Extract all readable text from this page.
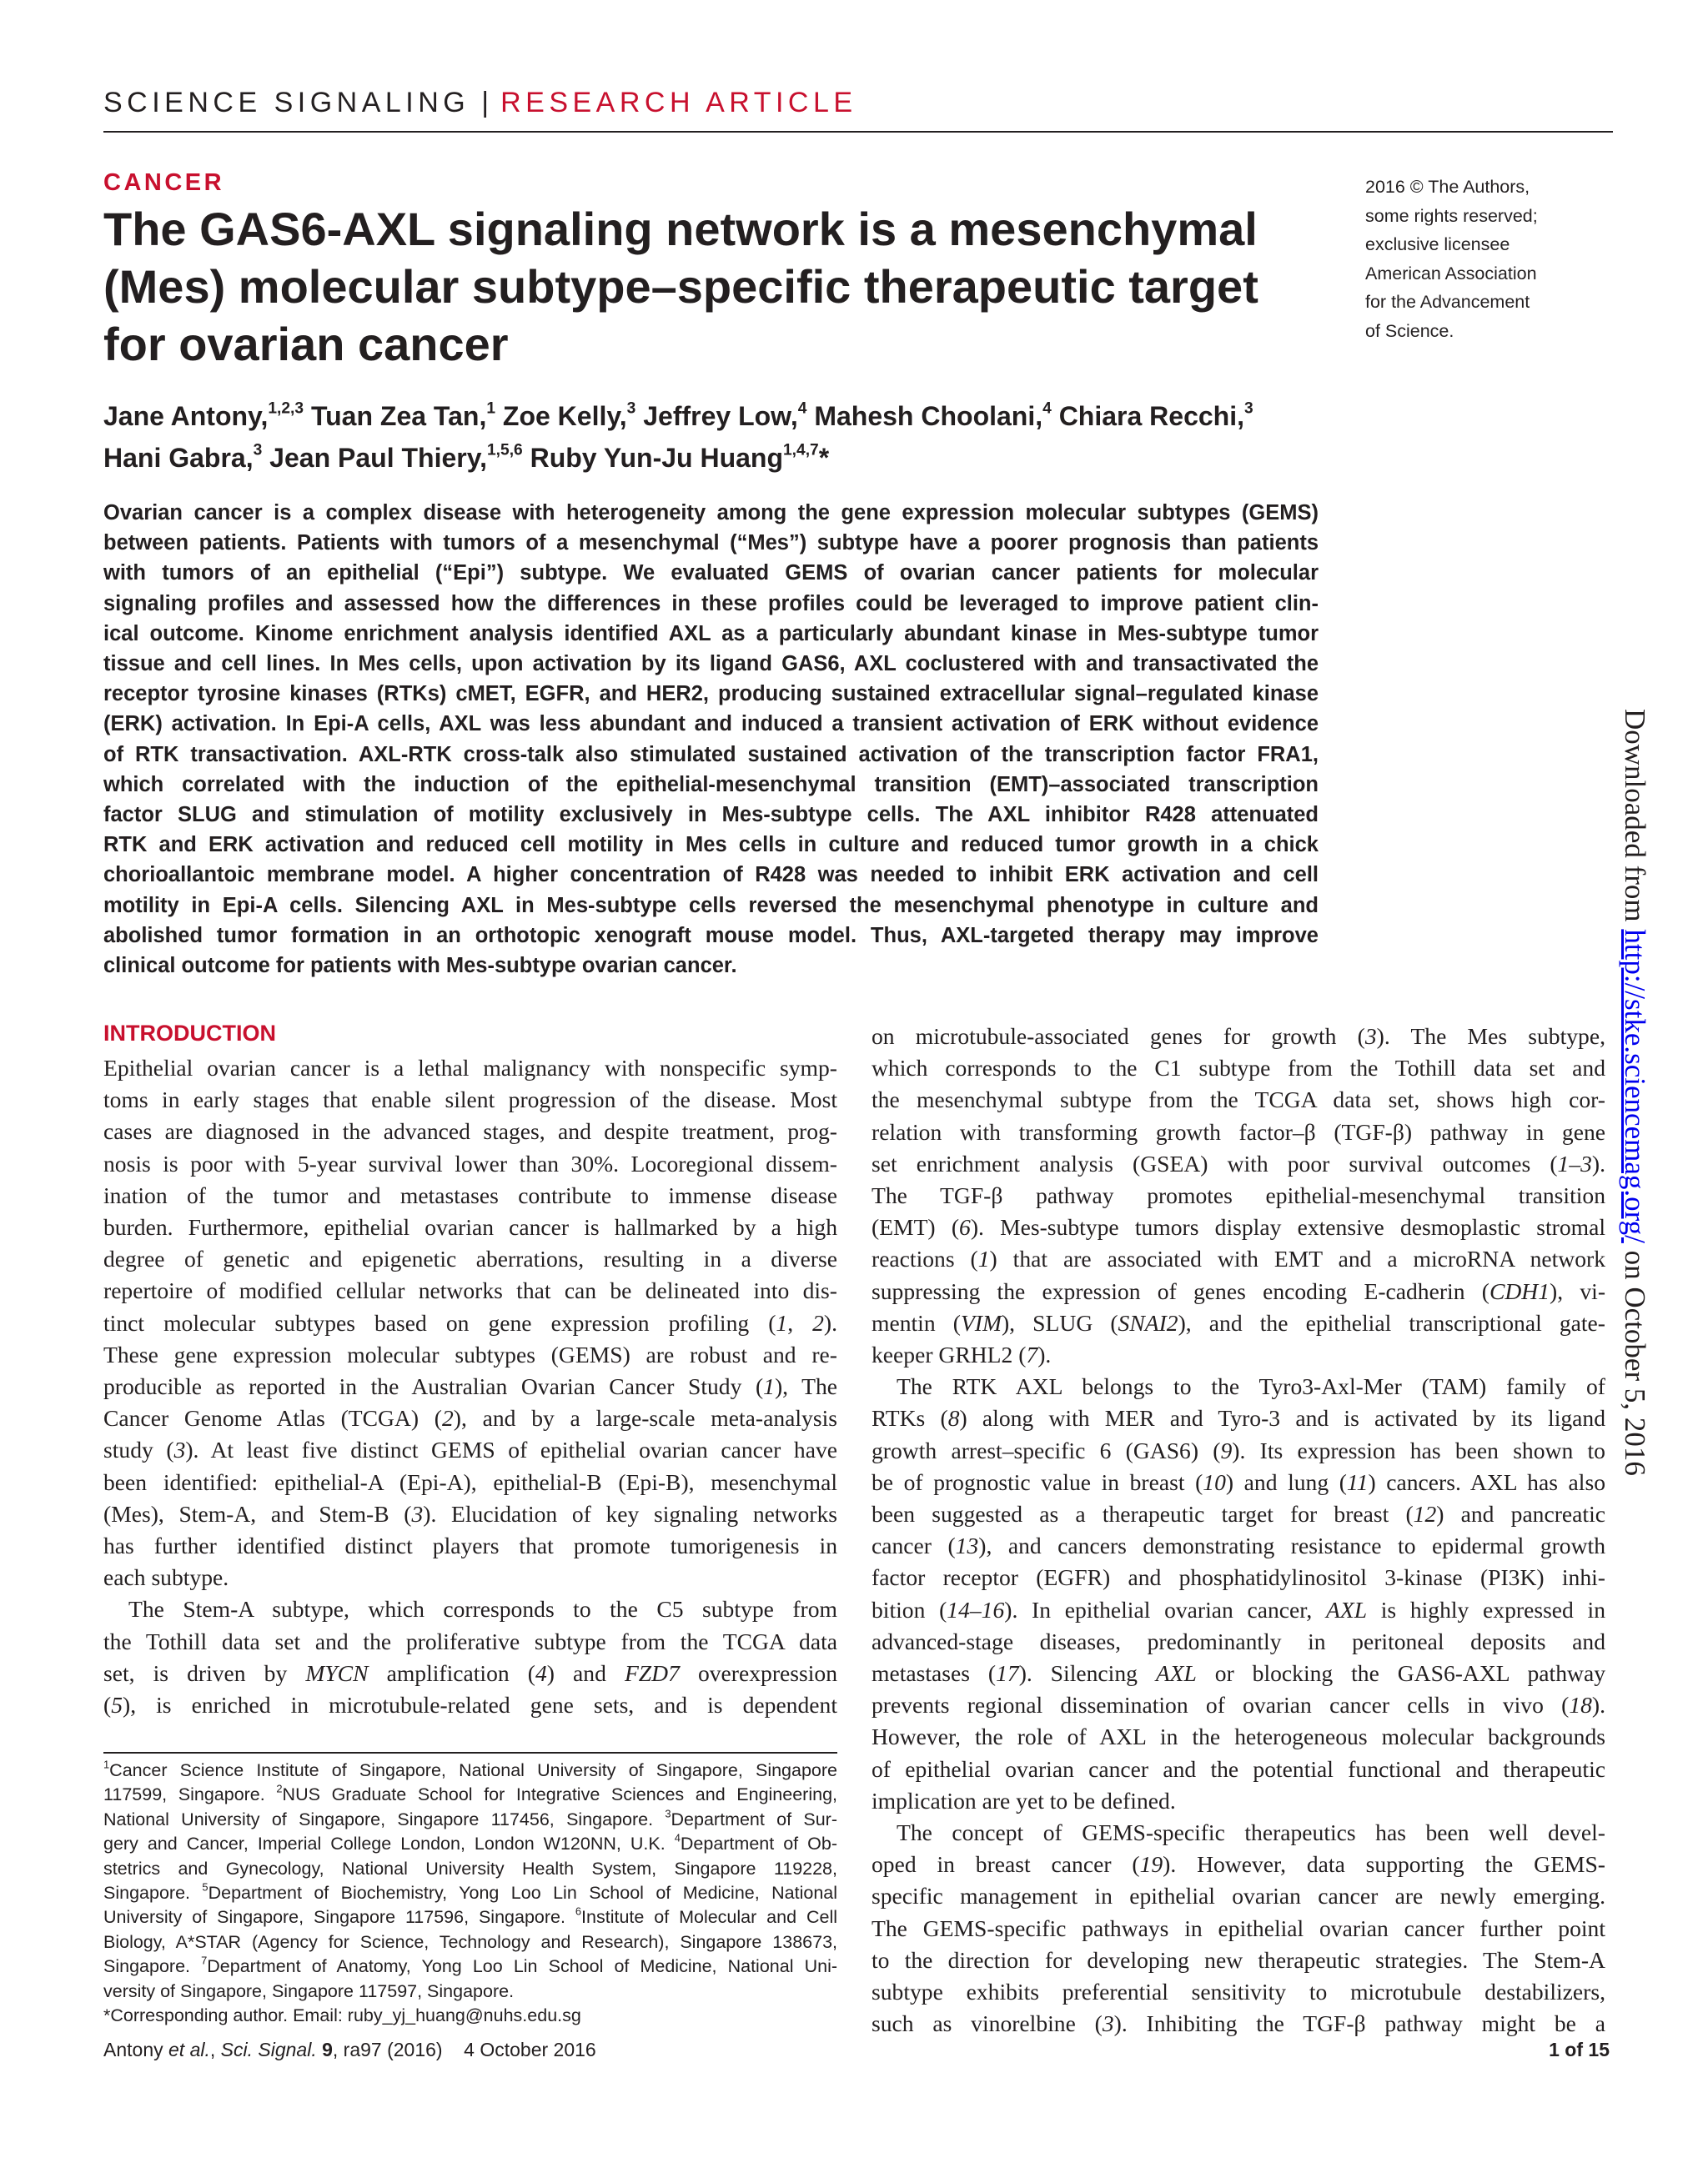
SCIENCE SIGNALING | RESEARCH ARTICLE
CANCER
The GAS6-AXL signaling network is a mesenchymal
(Mes) molecular subtype–specific therapeutic target
for ovarian cancer
2016 © The Authors,
some rights reserved;
exclusive licensee
American Association
for the Advancement
of Science.
Jane Antony,$^{1,2,3}$ Tuan Zea Tan,$^1$ Zoe Kelly,$^3$ Jeffrey Low,$^4$ Mahesh Choolani,$^4$ Chiara Recchi,$^3$
Hani Gabra,$^3$ Jean Paul Thiery,$^{1,5,6}$ Ruby Yun-Ju Huang$^{1,4,7}$*
Ovarian cancer is a complex disease with heterogeneity among the gene expression molecular subtypes (GEMS)
between patients. Patients with tumors of a mesenchymal (“Mes”) subtype have a poorer prognosis than patients
with tumors of an epithelial (“Epi”) subtype. We evaluated GEMS of ovarian cancer patients for molecular
signaling profiles and assessed how the differences in these profiles could be leveraged to improve patient clin-
ical outcome. Kinome enrichment analysis identified AXL as a particularly abundant kinase in Mes-subtype tumor
tissue and cell lines. In Mes cells, upon activation by its ligand GAS6, AXL coclustered with and transactivated the
receptor tyrosine kinases (RTKs) cMET, EGFR, and HER2, producing sustained extracellular signal–regulated kinase
(ERK) activation. In Epi-A cells, AXL was less abundant and induced a transient activation of ERK without evidence
of RTK transactivation. AXL-RTK cross-talk also stimulated sustained activation of the transcription factor FRA1,
which correlated with the induction of the epithelial-mesenchymal transition (EMT)–associated transcription
factor SLUG and stimulation of motility exclusively in Mes-subtype cells. The AXL inhibitor R428 attenuated
RTK and ERK activation and reduced cell motility in Mes cells in culture and reduced tumor growth in a chick
chorioallantoic membrane model. A higher concentration of R428 was needed to inhibit ERK activation and cell
motility in Epi-A cells. Silencing AXL in Mes-subtype cells reversed the mesenchymal phenotype in culture and
abolished tumor formation in an orthotopic xenograft mouse model. Thus, AXL-targeted therapy may improve
clinical outcome for patients with Mes-subtype ovarian cancer.
INTRODUCTION
Epithelial ovarian cancer is a lethal malignancy with nonspecific symp-
toms in early stages that enable silent progression of the disease. Most
cases are diagnosed in the advanced stages, and despite treatment, prog-
nosis is poor with 5-year survival lower than 30%. Locoregional dissem-
ination of the tumor and metastases contribute to immense disease
burden. Furthermore, epithelial ovarian cancer is hallmarked by a high
degree of genetic and epigenetic aberrations, resulting in a diverse
repertoire of modified cellular networks that can be delineated into dis-
tinct molecular subtypes based on gene expression profiling (1, 2).
These gene expression molecular subtypes (GEMS) are robust and re-
producible as reported in the Australian Ovarian Cancer Study (1), The
Cancer Genome Atlas (TCGA) (2), and by a large-scale meta-analysis
study (3). At least five distinct GEMS of epithelial ovarian cancer have
been identified: epithelial-A (Epi-A), epithelial-B (Epi-B), mesenchymal
(Mes), Stem-A, and Stem-B (3). Elucidation of key signaling networks
has further identified distinct players that promote tumorigenesis in
each subtype.
The Stem-A subtype, which corresponds to the C5 subtype from
the Tothill data set and the proliferative subtype from the TCGA data
set, is driven by MYCN amplification (4) and FZD7 overexpression
(5), is enriched in microtubule-related gene sets, and is dependent
on microtubule-associated genes for growth (3). The Mes subtype,
which corresponds to the C1 subtype from the Tothill data set and
the mesenchymal subtype from the TCGA data set, shows high cor-
relation with transforming growth factor–β (TGF-β) pathway in gene
set enrichment analysis (GSEA) with poor survival outcomes (1–3).
The TGF-β pathway promotes epithelial-mesenchymal transition
(EMT) (6). Mes-subtype tumors display extensive desmoplastic stromal
reactions (1) that are associated with EMT and a microRNA network
suppressing the expression of genes encoding E-cadherin (CDH1), vi-
mentin (VIM), SLUG (SNAI2), and the epithelial transcriptional gate-
keeper GRHL2 (7).
The RTK AXL belongs to the Tyro3-Axl-Mer (TAM) family of
RTKs (8) along with MER and Tyro-3 and is activated by its ligand
growth arrest–specific 6 (GAS6) (9). Its expression has been shown to
be of prognostic value in breast (10) and lung (11) cancers. AXL has also
been suggested as a therapeutic target for breast (12) and pancreatic
cancer (13), and cancers demonstrating resistance to epidermal growth
factor receptor (EGFR) and phosphatidylinositol 3-kinase (PI3K) inhi-
bition (14–16). In epithelial ovarian cancer, AXL is highly expressed in
advanced-stage diseases, predominantly in peritoneal deposits and
metastases (17). Silencing AXL or blocking the GAS6-AXL pathway
prevents regional dissemination of ovarian cancer cells in vivo (18).
However, the role of AXL in the heterogeneous molecular backgrounds
of epithelial ovarian cancer and the potential functional and therapeutic
implication are yet to be defined.
The concept of GEMS-specific therapeutics has been well devel-
oped in breast cancer (19). However, data supporting the GEMS-
specific management in epithelial ovarian cancer are newly emerging.
The GEMS-specific pathways in epithelial ovarian cancer further point
to the direction for developing new therapeutic strategies. The Stem-A
subtype exhibits preferential sensitivity to microtubule destabilizers,
such as vinorelbine (3). Inhibiting the TGF-β pathway might be a
$^1$Cancer Science Institute of Singapore, National University of Singapore, Singapore
117599, Singapore. $^2$NUS Graduate School for Integrative Sciences and Engineering,
National University of Singapore, Singapore 117456, Singapore. $^3$Department of Sur-
gery and Cancer, Imperial College London, London W120NN, U.K. $^4$Department of Ob-
stetrics and Gynecology, National University Health System, Singapore 119228,
Singapore. $^5$Department of Biochemistry, Yong Loo Lin School of Medicine, National
University of Singapore, Singapore 117596, Singapore. $^6$Institute of Molecular and Cell
Biology, A*STAR (Agency for Science, Technology and Research), Singapore 138673,
Singapore. $^7$Department of Anatomy, Yong Loo Lin School of Medicine, National Uni-
versity of Singapore, Singapore 117597, Singapore.
*Corresponding author. Email: ruby_yj_huang@nuhs.edu.sg
Antony et al., Sci. Signal. 9, ra97 (2016)    4 October 2016	1 of 15
Downloaded from http://stke.sciencemag.org/ on October 5, 2016
